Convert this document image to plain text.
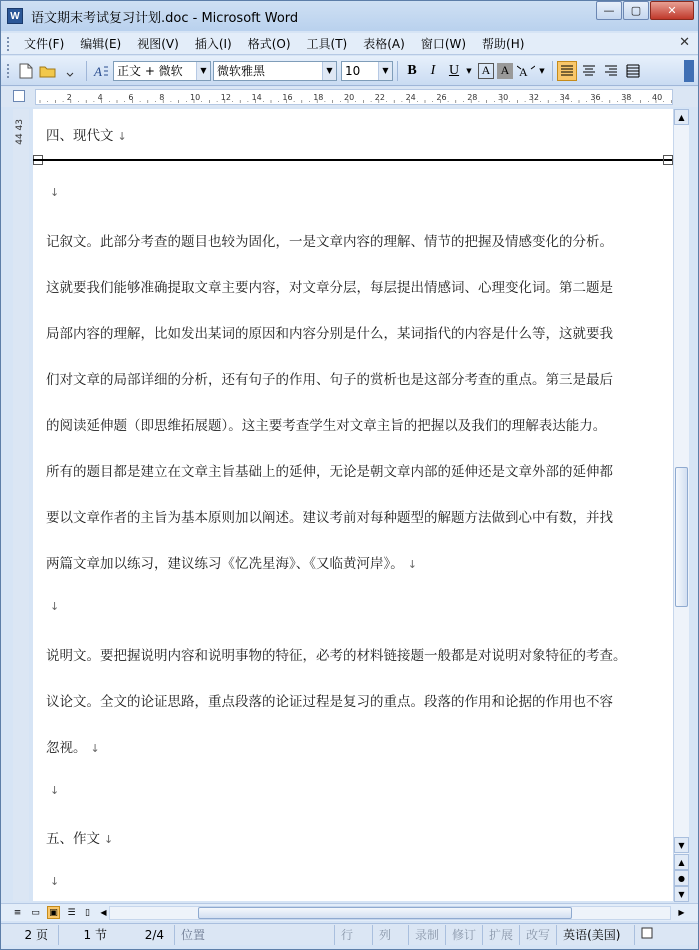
W 语文期末考试复习计划.doc - Microsoft Word	—	▢	✕
文件(F)	编辑(E)	视图(V)	插入(I)	格式(O)	工具(T)	表格(A)	窗口(W)	帮助(H)	✕
A 正文 + 微软	▼ 微软雅黑	▼ 10	▼	B I U	▼ A A A ▼
2	4	6	8	10	12	14	16	18	20	22	24	26	28	30	32	34	36	38	40
44 43 四、现代文 ↓
↓
记叙文。此部分考查的题目也较为固化，一是文章内容的理解、情节的把握及情感变化的分析。
这就要我们能够准确提取文章主要内容，对文章分层，每层提出情感词、心理变化词。第二题是
局部内容的理解，比如发出某词的原因和内容分别是什么，某词指代的内容是什么等，这就要我
们对文章的局部详细的分析，还有句子的作用、句子的赏析也是这部分考查的重点。第三是最后
的阅读延伸题（即思维拓展题）。这主要考查学生对文章主旨的把握以及我们的理解表达能力。
所有的题目都是建立在文章主旨基础上的延伸，无论是朝文章内部的延伸还是文章外部的延伸都
要以文章作者的主旨为基本原则加以阐述。建议考前对每种题型的解题方法做到心中有数，并找
两篇文章加以练习，建议练习《忆冼星海》、《又临黄河岸》。 ↓
↓
说明文。要把握说明内容和说明事物的特征，必考的材料链接题一般都是对说明对象特征的考查。
议论文。全文的论证思路，重点段落的论证过程是复习的重点。段落的作用和论据的作用也不容
忽视。 ↓
↓
五、作文 ↓
↓
▲
▼
▲
●
▼
≡	▭ ▣ ☰	▯	◀	▶
2 页	1 节	2/4	位置	行	列	录制	修订	扩展	改写	英语(美国)
